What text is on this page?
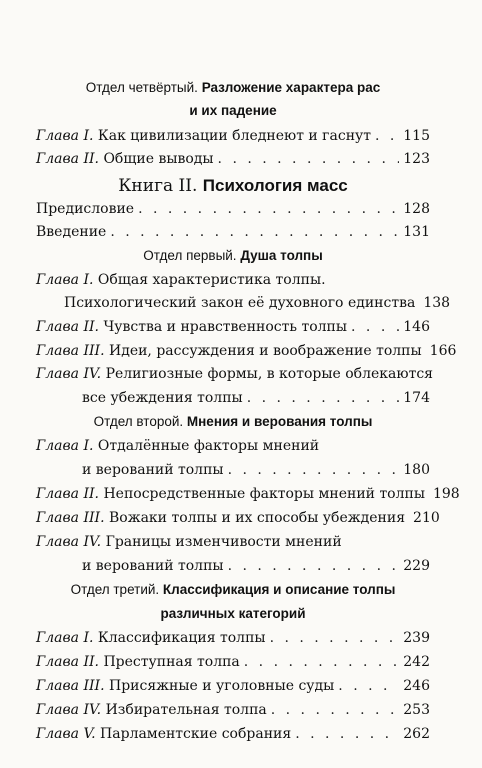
Отдел четвёртый. Разложение характера рас
и их падение
Глава I. Как цивилизации бледнеют и гаснут . . . 115
Глава II. Общие выводы . . .	123
Книга II. Психология масс
Предисловие . . .	128
Введение . . .	131
Отдел первый. Душа толпы
Глава I. Общая характеристика толпы.
Психологический закон её духовного единства 138
Глава II. Чувства и нравственность толпы . . .	146
Глава III. Идеи, рассуждения и воображение толпы 166
Глава IV. Религиозные формы, в которые облекаются
все убеждения толпы . . .	174
Отдел второй. Мнения и верования толпы
Глава I. Отдалённые факторы мнений
и верований толпы . . .	180
Глава II. Непосредственные факторы мнений толпы 198
Глава III. Вожаки толпы и их способы убеждения 210
Глава IV. Границы изменчивости мнений
и верований толпы . . .	229
Отдел третий. Классификация и описание толпы
различных категорий
Глава I. Классификация толпы . . .	239
Глава II. Преступная толпа . . .	242
Глава III. Присяжные и уголовные суды . . .	246
Глава IV. Избирательная толпа . . .	253
Глава V. Парламентские собрания . . .	262
